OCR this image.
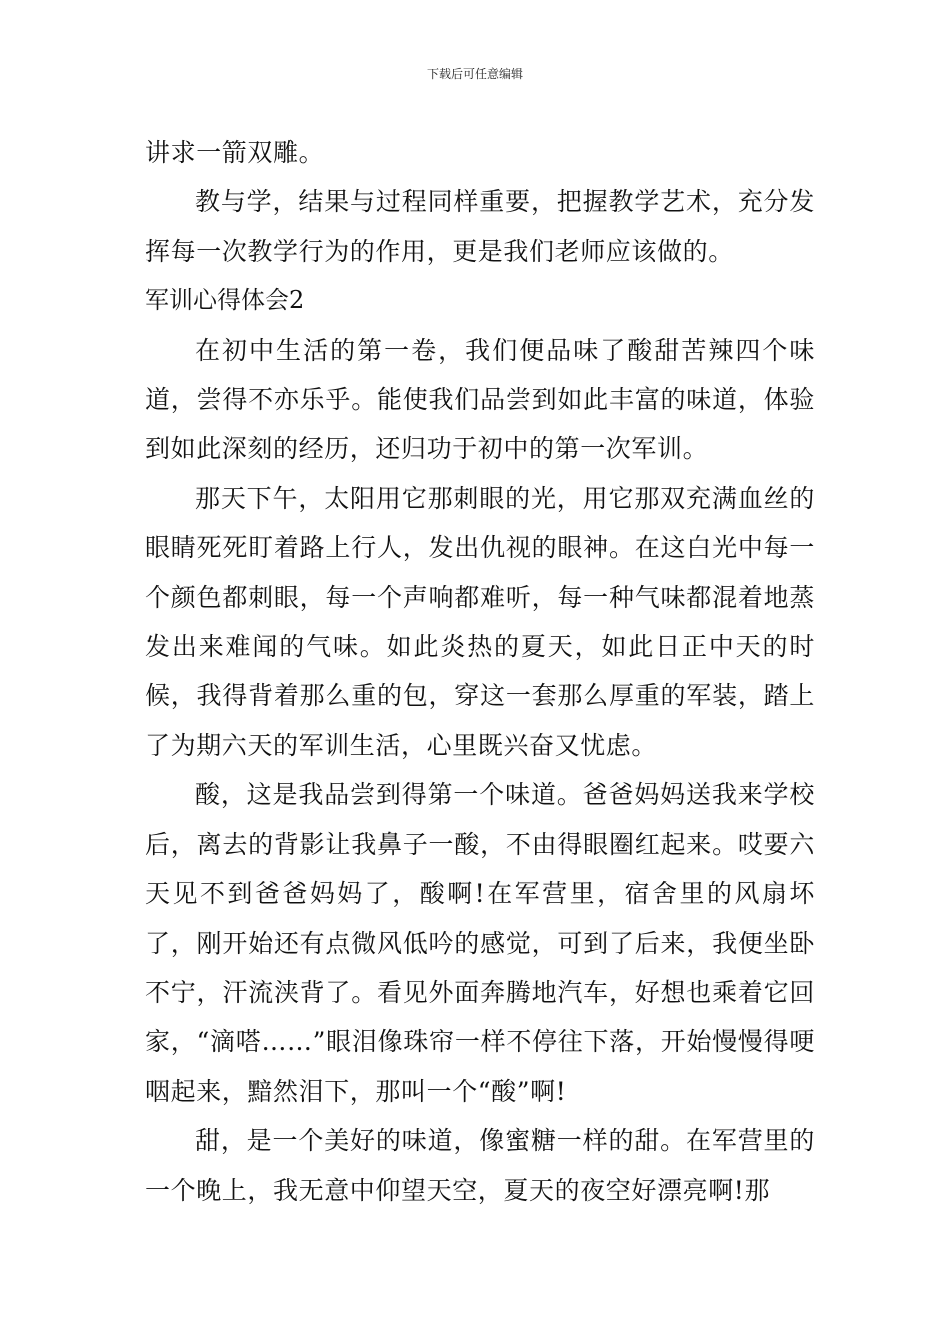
下载后可任意编辑

讲求一箭双雕。

教与学，结果与过程同样重要，把握教学艺术，充分发挥每一次教学行为的作用，更是我们老师应该做的。

军训心得体会2

在初中生活的第一卷，我们便品味了酸甜苦辣四个味道，尝得不亦乐乎。能使我们品尝到如此丰富的味道，体验到如此深刻的经历，还归功于初中的第一次军训。

那天下午，太阳用它那刺眼的光，用它那双充满血丝的眼睛死死盯着路上行人，发出仇视的眼神。在这白光中每一个颜色都刺眼，每一个声响都难听，每一种气味都混着地蒸发出来难闻的气味。如此炎热的夏天，如此日正中天的时候，我得背着那么重的包，穿这一套那么厚重的军装，踏上了为期六天的军训生活，心里既兴奋又忧虑。

酸，这是我品尝到得第一个味道。爸爸妈妈送我来学校后，离去的背影让我鼻子一酸，不由得眼圈红起来。哎要六天见不到爸爸妈妈了，酸啊!在军营里，宿舍里的风扇坏了，刚开始还有点微风低吟的感觉，可到了后来，我便坐卧不宁，汗流浃背了。看见外面奔腾地汽车，好想也乘着它回家，“滴嗒……”眼泪像珠帘一样不停往下落，开始慢慢得哽咽起来，黯然泪下，那叫一个“酸”啊!

甜，是一个美好的味道，像蜜糖一样的甜。在军营里的一个晚上，我无意中仰望天空，夏天的夜空好漂亮啊!那
